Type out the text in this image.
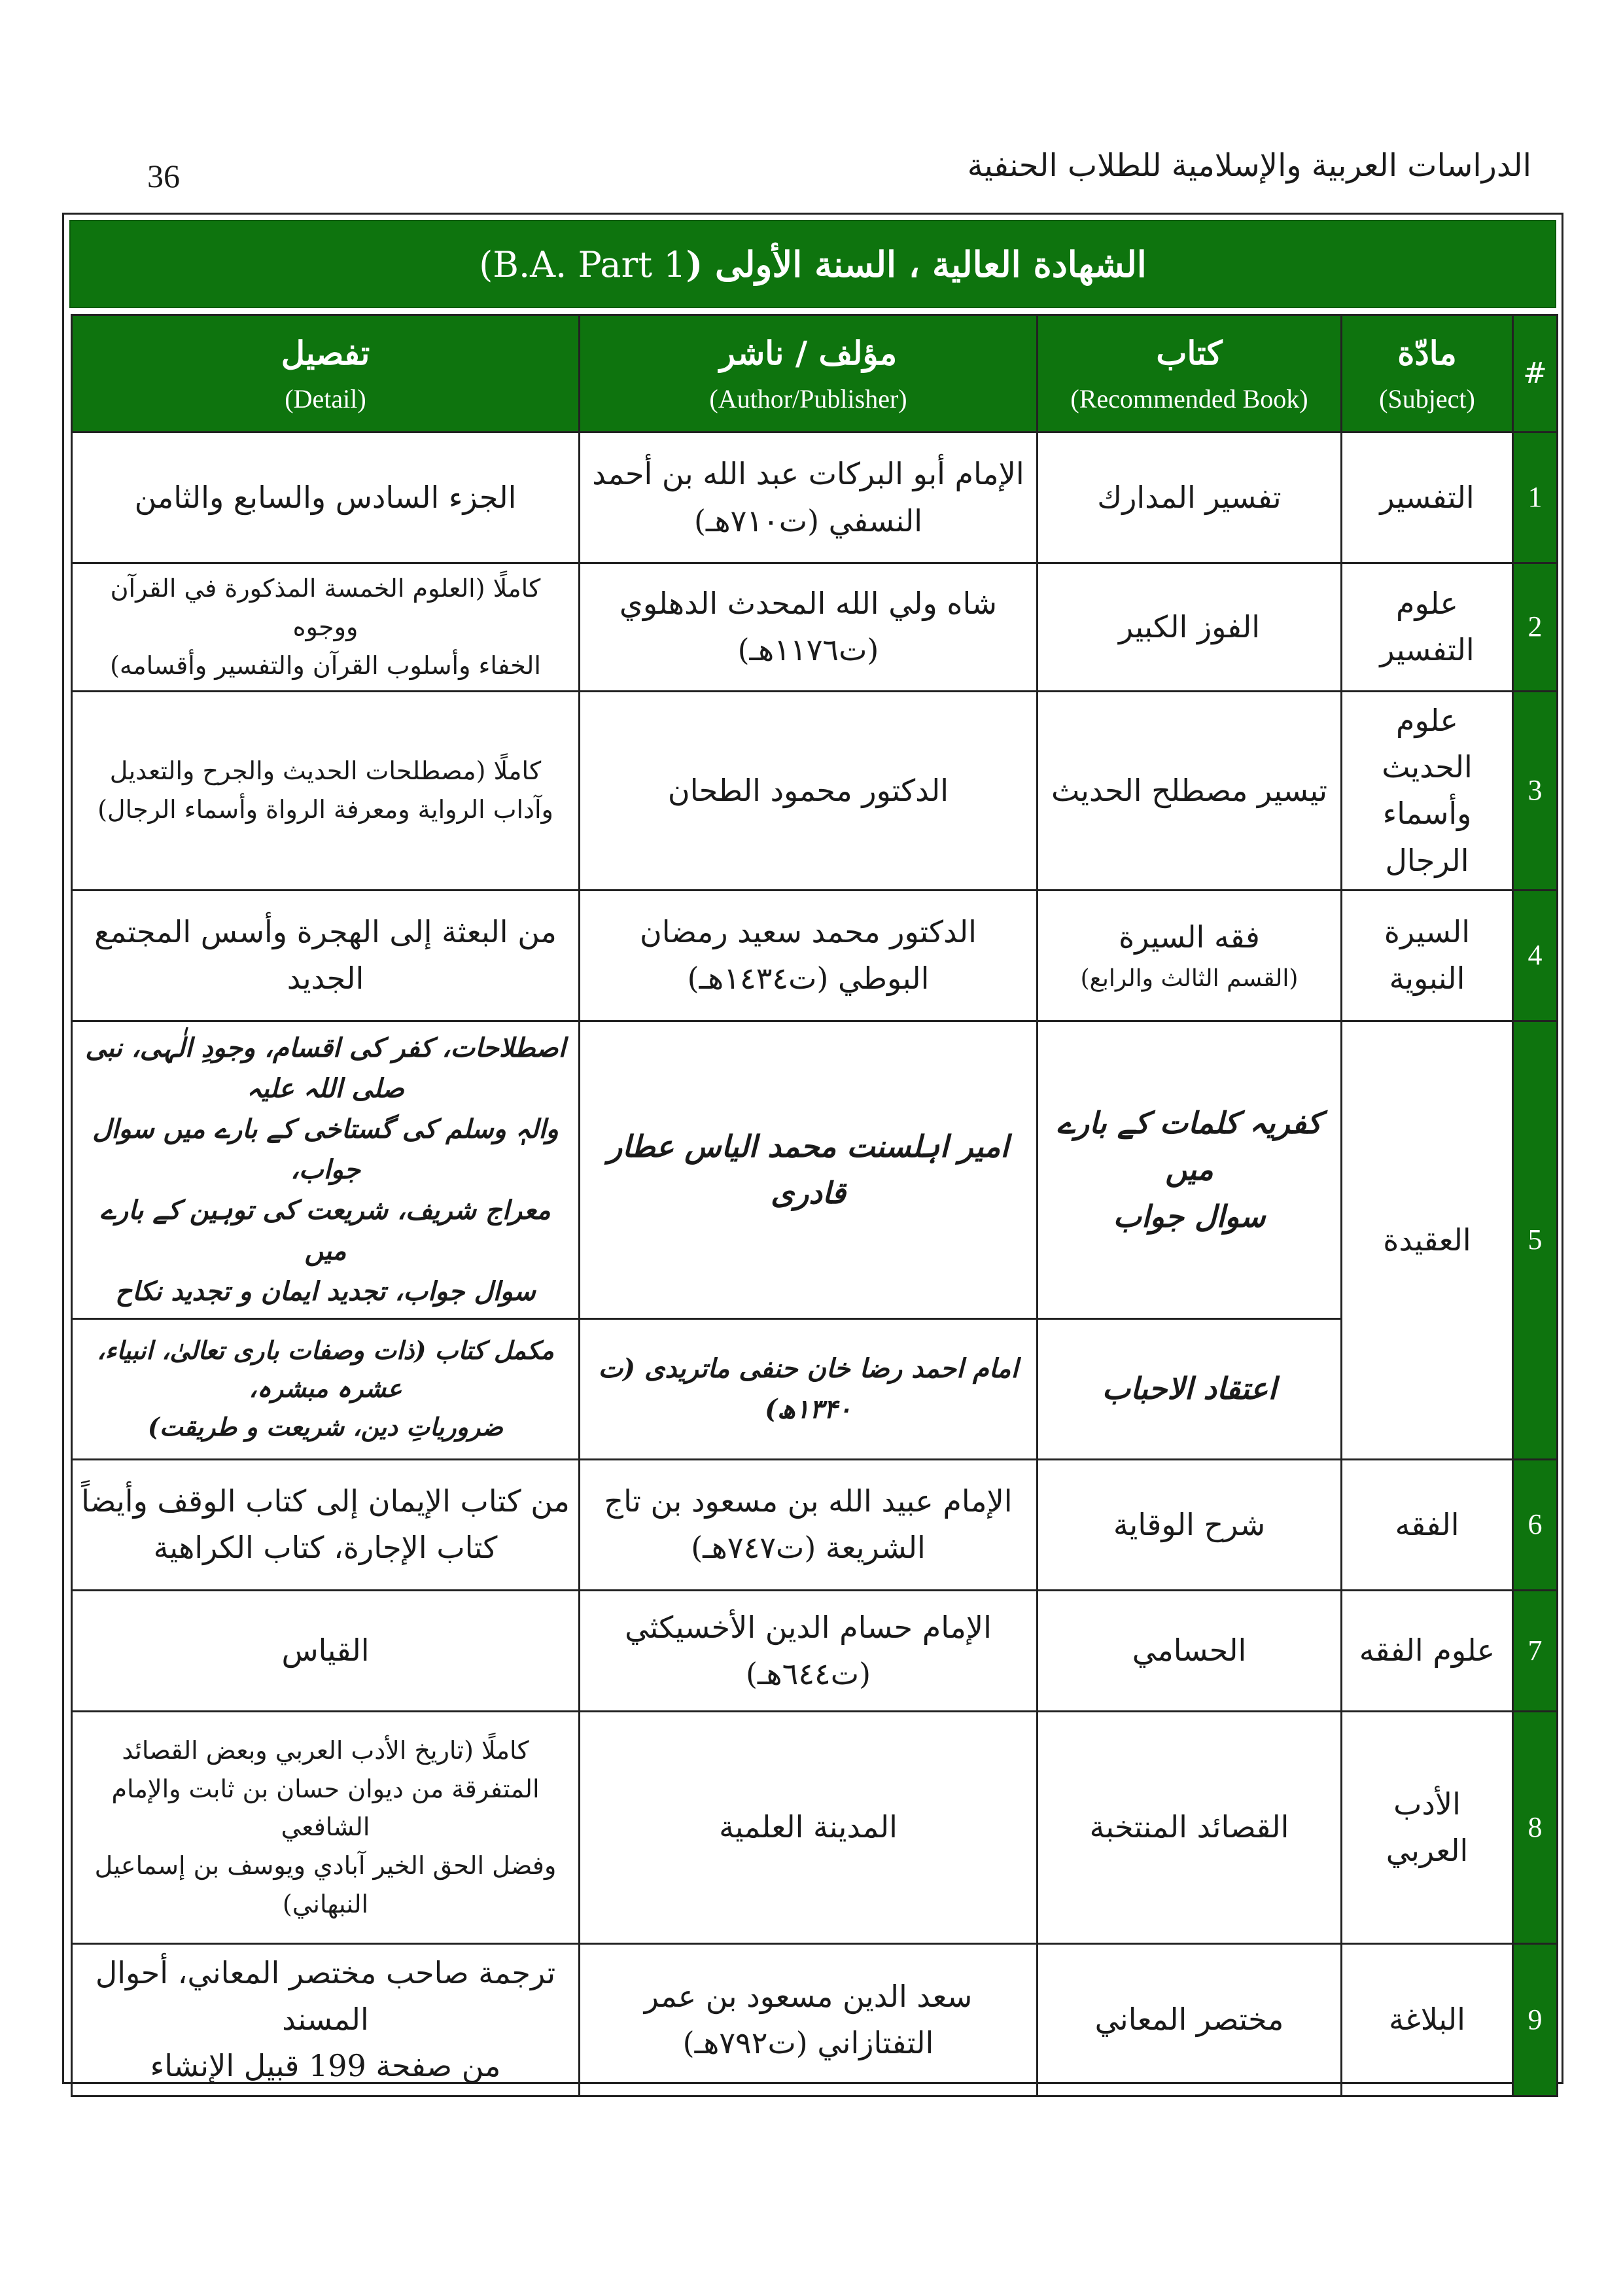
36	الدراسات العربية والإسلامية للطلاب الحنفية
الشهادة العالية ، السنة الأولى (B.A. Part 1)
#	مادّة
(Subject)	كتاب
(Recommended Book)	مؤلف / ناشر
(Author/Publisher)	تفصيل
(Detail)

1	التفسير	تفسير المدارك	الإمام أبو البركات عبد الله بن أحمد
النسفي (ت٧١٠هـ)	الجزء السادس والسابع والثامن

2	علوم التفسير	الفوز الكبير	شاه ولي الله المحدث الدهلوي
(ت١١٧٦هـ)	كاملًا (العلوم الخمسة المذكورة في القرآن ووجوه
الخفاء وأسلوب القرآن والتفسير وأقسامه)

3	علوم الحديث
وأسماء الرجال	تيسير مصطلح الحديث	الدكتور محمود الطحان	كاملًا (مصطلحات الحديث والجرح والتعديل
وآداب الرواية ومعرفة الرواة وأسماء الرجال)

4	السيرة النبوية	فقه السيرة
(القسم الثالث والرابع)	الدكتور محمد سعيد رمضان
البوطي (ت١٤٣٤هـ)	من البعثة إلى الهجرة وأسس المجتمع الجديد

5	العقيدة	كفریہ کلمات کے بارے میں
سوال جواب	امیر اہلسنت محمد الیاس عطار قادری	اصطلاحات، کفر کی اقسام، وجودِ الٰہی، نبی صلی اللہ علیہ
والہٖ وسلم کی گستاخی کے بارے میں سوال جواب،
معراج شریف، شریعت کی توہین کے بارے میں
سوال جواب، تجدید ایمان و تجدید نکاح

		اعتقاد الاحباب	امام احمد رضا خان حنفی ماتریدی (ت ۱۳۴۰ھ)	مکمل کتاب (ذات وصفات باری تعالیٰ، انبیاء، عشرہ مبشرہ،
ضروریاتِ دین، شریعت و طریقت)

6	الفقه	شرح الوقاية	الإمام عبيد الله بن مسعود بن تاج
الشريعة (ت٧٤٧هـ)	من كتاب الإيمان إلى كتاب الوقف وأيضاً
كتاب الإجارة، كتاب الكراهية

7	علوم الفقه	الحسامي	الإمام حسام الدين الأخسيكثي
(ت٦٤٤هـ)	القياس

8	الأدب العربي	القصائد المنتخبة	المدينة العلمية	كاملًا (تاريخ الأدب العربي وبعض القصائد
المتفرقة من ديوان حسان بن ثابت والإمام الشافعي
وفضل الحق الخير آبادي ويوسف بن إسماعيل
النبهاني)

9	البلاغة	مختصر المعاني	سعد الدين مسعود بن عمر
التفتازاني (ت٧٩٢هـ)	ترجمة صاحب مختصر المعاني، أحوال المسند
من صفحة 199 قبيل الإنشاء
